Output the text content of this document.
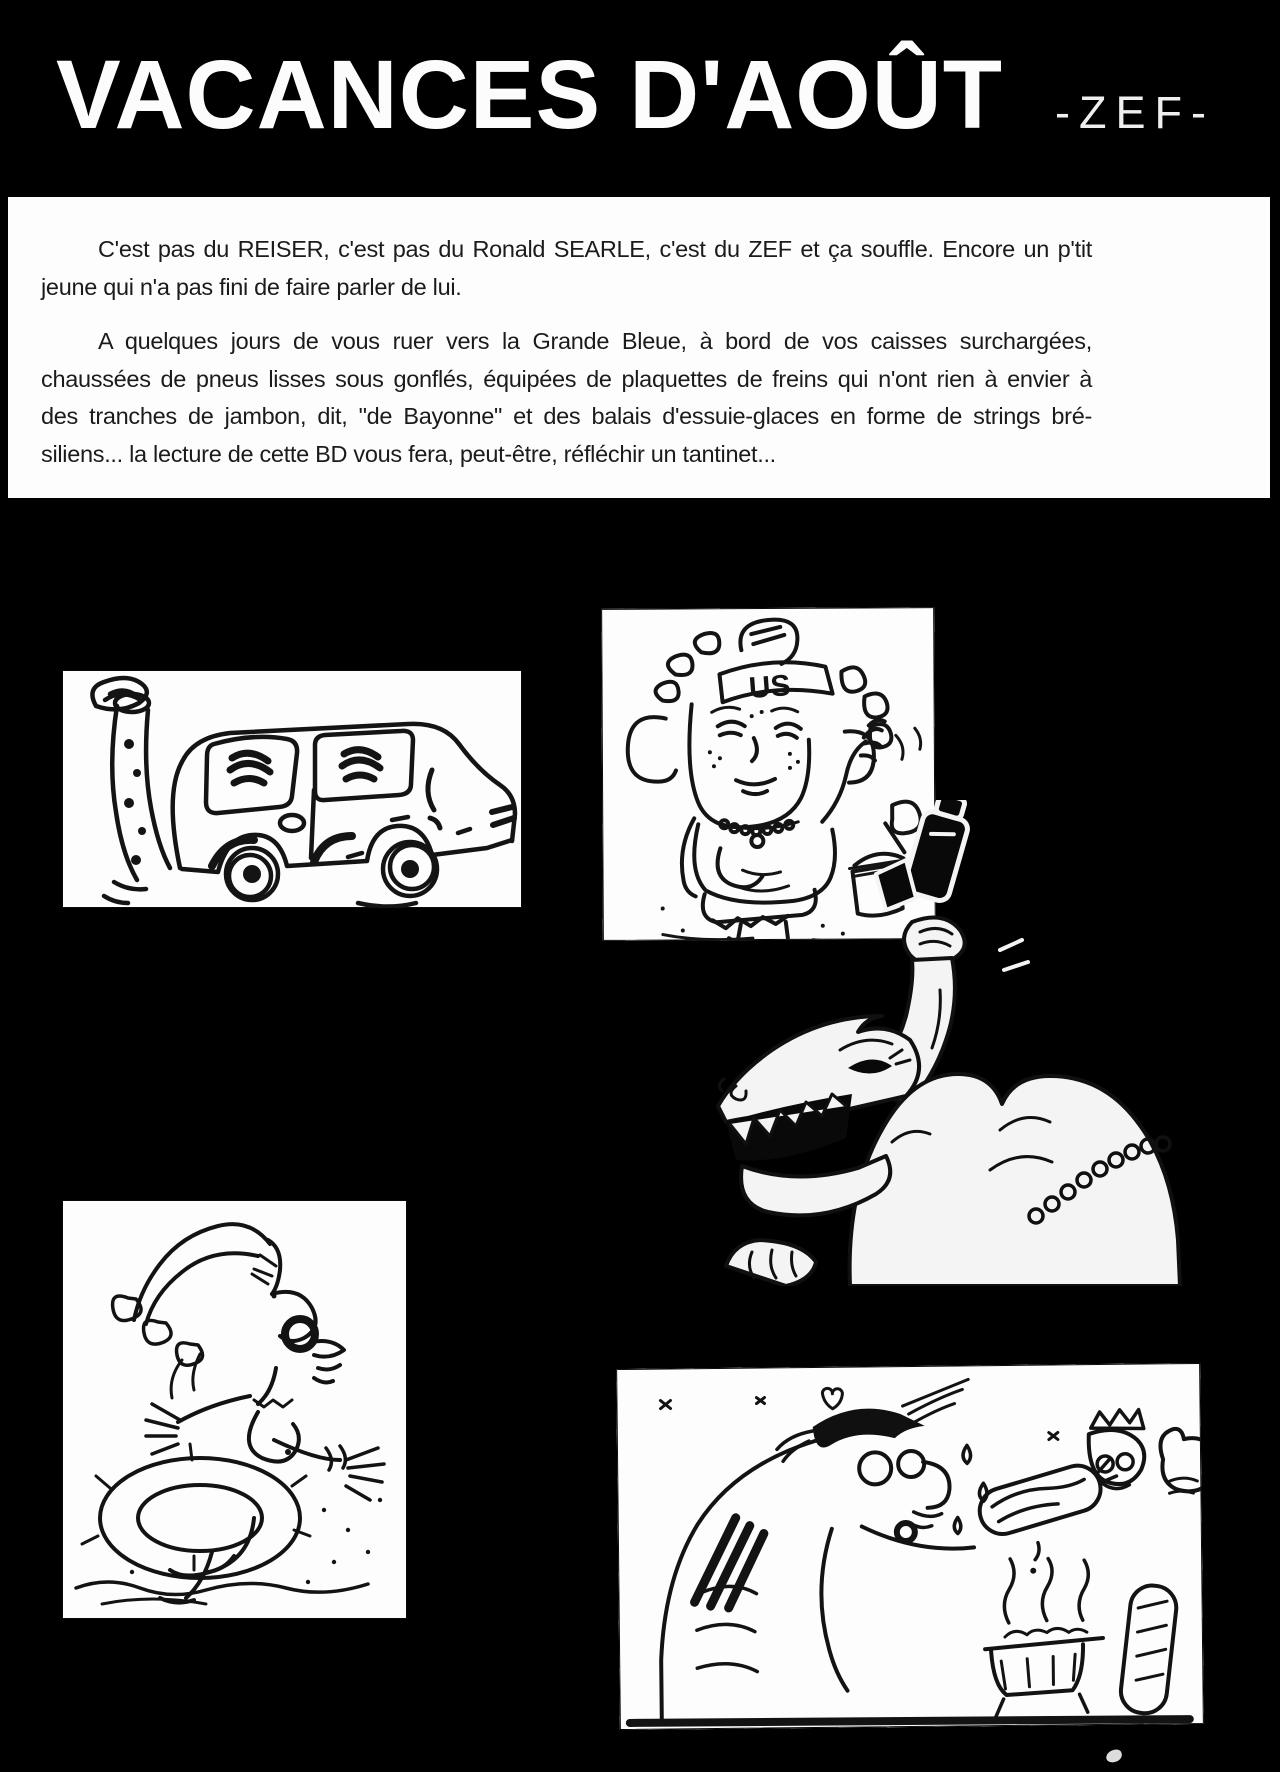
VACANCES D'AOÛT -ZEF-
C'est pas du REISER, c'est pas du Ronald SEARLE, c'est du ZEF et ça souffle. Encore un p'tit
jeune qui n'a pas fini de faire parler de lui.
A quelques jours de vous ruer vers la Grande Bleue, à bord de vos caisses surchargées,
chaussées de pneus lisses sous gonflés, équipées de plaquettes de freins qui n'ont rien à envier à
des tranches de jambon, dit, "de Bayonne" et des balais d'essuie-glaces en forme de strings bré-
siliens... la lecture de cette BD vous fera, peut-être, réfléchir un tantinet...
US
